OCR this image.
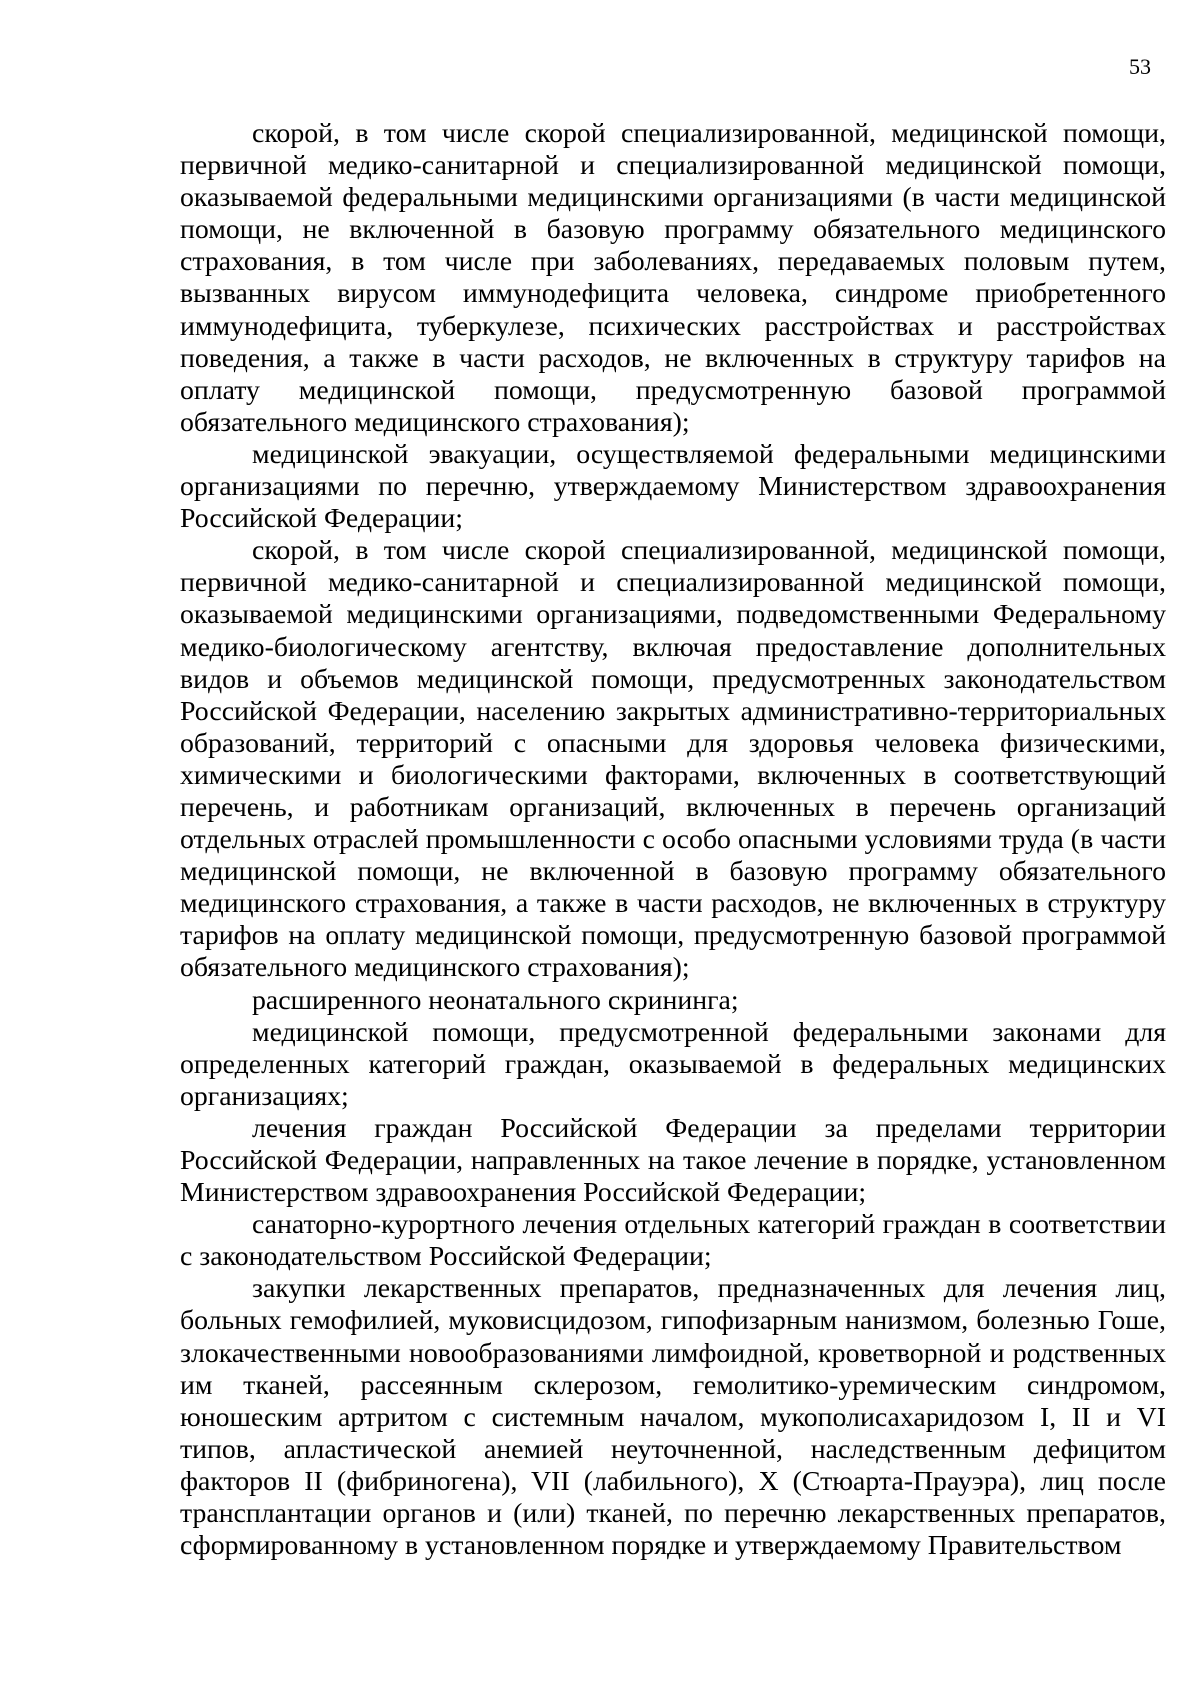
53

скорой, в том числе скорой специализированной, медицинской помощи, первичной медико-санитарной и специализированной медицинской помощи, оказываемой федеральными медицинскими организациями (в части медицинской помощи, не включенной в базовую программу обязательного медицинского страхования, в том числе при заболеваниях, передаваемых половым путем, вызванных вирусом иммунодефицита человека, синдроме приобретенного иммунодефицита, туберкулезе, психических расстройствах и расстройствах поведения, а также в части расходов, не включенных в структуру тарифов на оплату медицинской помощи, предусмотренную базовой программой обязательного медицинского страхования);

медицинской эвакуации, осуществляемой федеральными медицинскими организациями по перечню, утверждаемому Министерством здравоохранения Российской Федерации;

скорой, в том числе скорой специализированной, медицинской помощи, первичной медико-санитарной и специализированной медицинской помощи, оказываемой медицинскими организациями, подведомственными Федеральному медико-биологическому агентству, включая предоставление дополнительных видов и объемов медицинской помощи, предусмотренных законодательством Российской Федерации, населению закрытых административно-территориальных образований, территорий с опасными для здоровья человека физическими, химическими и биологическими факторами, включенных в соответствующий перечень, и работникам организаций, включенных в перечень организаций отдельных отраслей промышленности с особо опасными условиями труда (в части медицинской помощи, не включенной в базовую программу обязательного медицинского страхования, а также в части расходов, не включенных в структуру тарифов на оплату медицинской помощи, предусмотренную базовой программой обязательного медицинского страхования);

расширенного неонатального скрининга;

медицинской помощи, предусмотренной федеральными законами для определенных категорий граждан, оказываемой в федеральных медицинских организациях;

лечения граждан Российской Федерации за пределами территории Российской Федерации, направленных на такое лечение в порядке, установленном Министерством здравоохранения Российской Федерации;

санаторно-курортного лечения отдельных категорий граждан в соответствии с законодательством Российской Федерации;

закупки лекарственных препаратов, предназначенных для лечения лиц, больных гемофилией, муковисцидозом, гипофизарным нанизмом, болезнью Гоше, злокачественными новообразованиями лимфоидной, кроветворной и родственных им тканей, рассеянным склерозом, гемолитико-уремическим синдромом, юношеским артритом с системным началом, мукополисахаридозом I, II и VI типов, апластической анемией неуточненной, наследственным дефицитом факторов II (фибриногена), VII (лабильного), X (Стюарта-Прауэра), лиц после трансплантации органов и (или) тканей, по перечню лекарственных препаратов, сформированному в установленном порядке и утверждаемому Правительством
